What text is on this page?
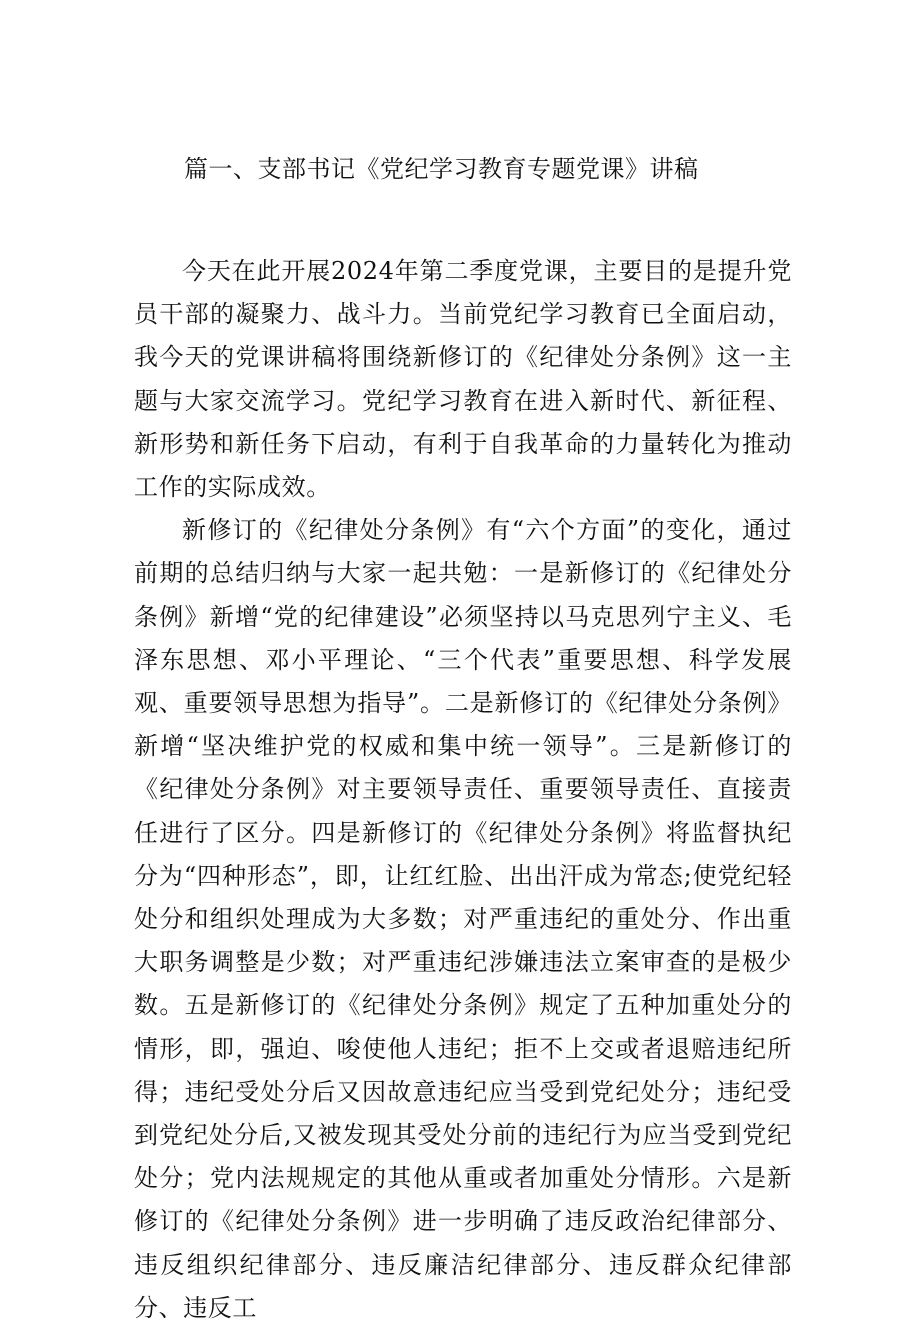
篇一、支部书记《党纪学习教育专题党课》讲稿

今天在此开展2024年第二季度党课，主要目的是提升党员干部的凝聚力、战斗力。当前党纪学习教育已全面启动，我今天的党课讲稿将围绕新修订的《纪律处分条例》这一主题与大家交流学习。党纪学习教育在进入新时代、新征程、新形势和新任务下启动，有利于自我革命的力量转化为推动工作的实际成效。

新修订的《纪律处分条例》有“六个方面”的变化，通过前期的总结归纳与大家一起共勉：一是新修订的《纪律处分条例》新增“党的纪律建设”必须坚持以马克思列宁主义、毛泽东思想、邓小平理论、“三个代表”重要思想、科学发展观、重要领导思想为指导”。二是新修订的《纪律处分条例》新增“坚决维护党的权威和集中统一领导”。三是新修订的《纪律处分条例》对主要领导责任、重要领导责任、直接责任进行了区分。四是新修订的《纪律处分条例》将监督执纪分为“四种形态”，即，让红红脸、出出汗成为常态;使党纪轻处分和组织处理成为大多数；对严重违纪的重处分、作出重大职务调整是少数；对严重违纪涉嫌违法立案审查的是极少数。五是新修订的《纪律处分条例》规定了五种加重处分的情形，即，强迫、唆使他人违纪；拒不上交或者退赔违纪所得；违纪受处分后又因故意违纪应当受到党纪处分；违纪受到党纪处分后,又被发现其受处分前的违纪行为应当受到党纪处分；党内法规规定的其他从重或者加重处分情形。六是新修订的《纪律处分条例》进一步明确了违反政治纪律部分、违反组织纪律部分、违反廉洁纪律部分、违反群众纪律部分、违反工
